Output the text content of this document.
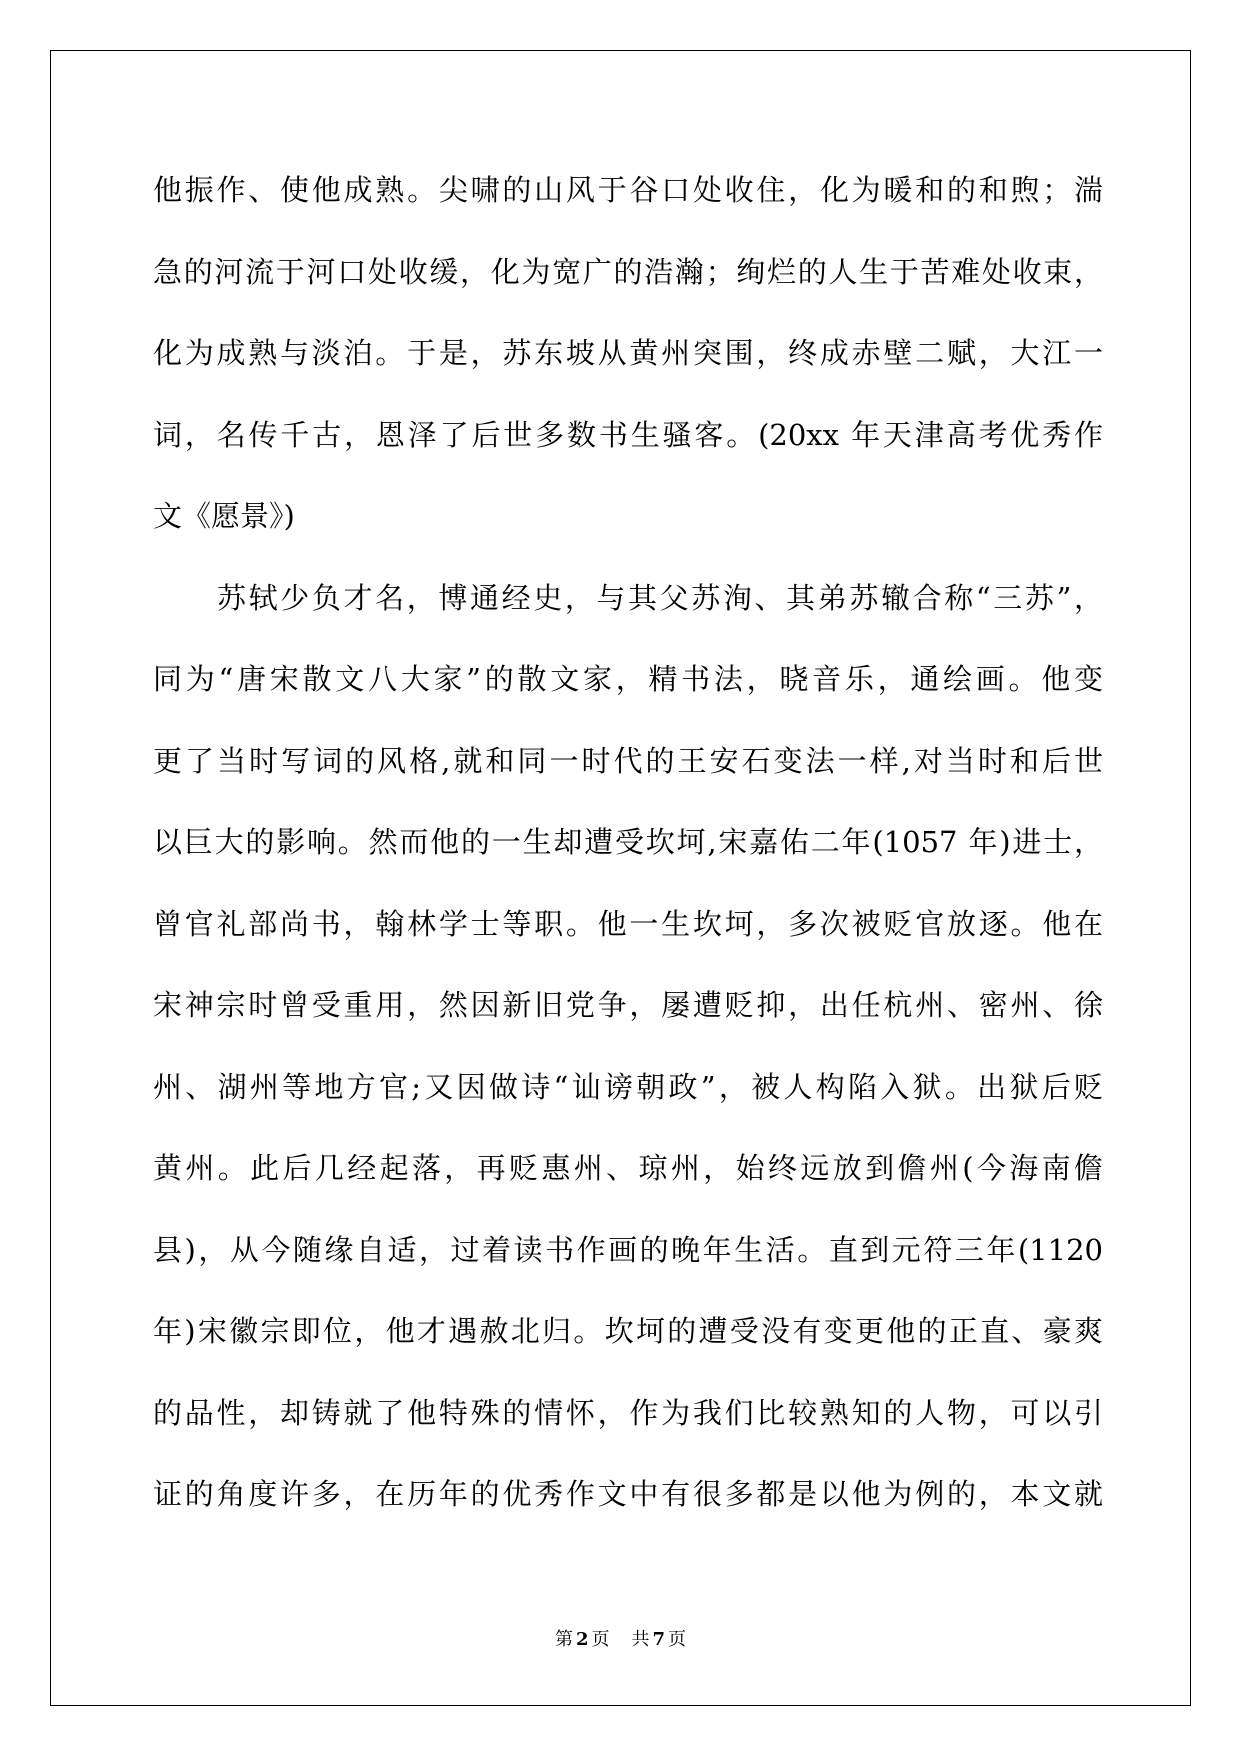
他振作、使他成熟。尖啸的山风于谷口处收住，化为暖和的和煦；湍
急的河流于河口处收缓，化为宽广的浩瀚；绚烂的人生于苦难处收束，
化为成熟与淡泊。于是，苏东坡从黄州突围，终成赤壁二赋，大江一
词，名传千古，恩泽了后世多数书生骚客。(20xx 年天津高考优秀作
文《愿景》)
苏轼少负才名，博通经史，与其父苏洵、其弟苏辙合称“三苏”，
同为“唐宋散文八大家”的散文家，精书法，晓音乐，通绘画。他变
更了当时写词的风格,就和同一时代的王安石变法一样,对当时和后世
以巨大的影响。然而他的一生却遭受坎坷,宋嘉佑二年(1057 年)进士，
曾官礼部尚书，翰林学士等职。他一生坎坷，多次被贬官放逐。他在
宋神宗时曾受重用，然因新旧党争，屡遭贬抑，出任杭州、密州、徐
州、湖州等地方官;又因做诗“讪谤朝政”，被人构陷入狱。出狱后贬
黄州。此后几经起落，再贬惠州、琼州，始终远放到儋州(今海南儋
县)，从今随缘自适，过着读书作画的晚年生活。直到元符三年(1120
年)宋徽宗即位，他才遇赦北归。坎坷的遭受没有变更他的正直、豪爽
的品性，却铸就了他特殊的情怀，作为我们比较熟知的人物，可以引
证的角度许多，在历年的优秀作文中有很多都是以他为例的，本文就
第 2 页 共 7 页
